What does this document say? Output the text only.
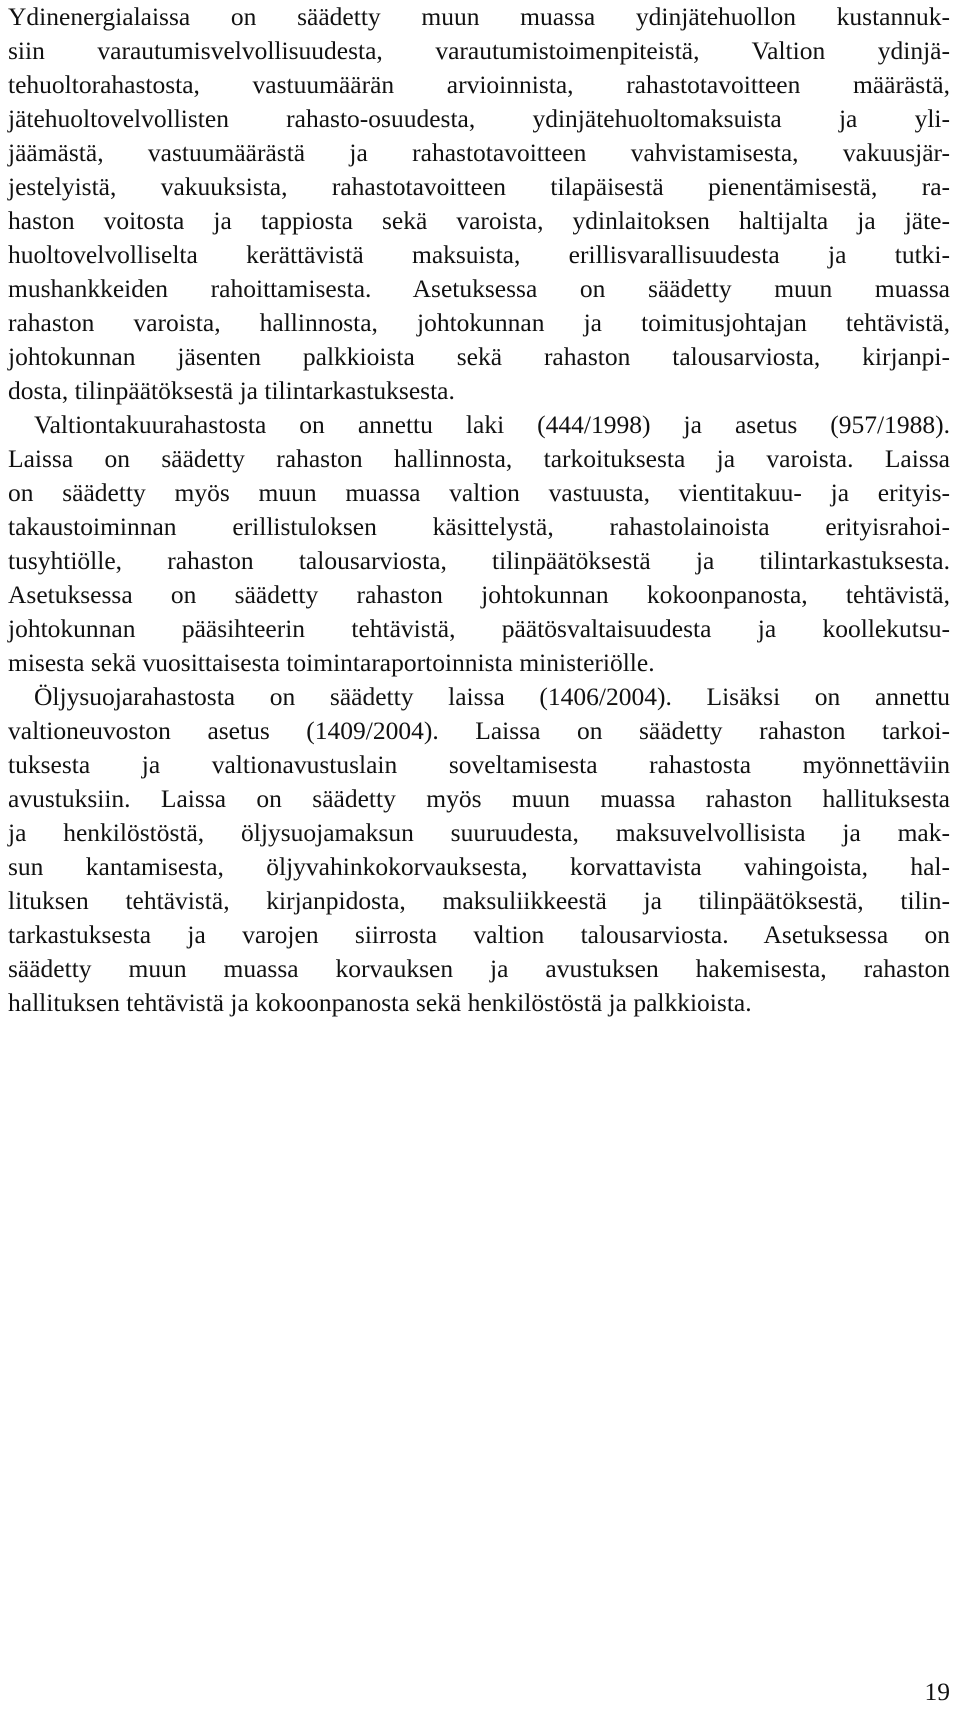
Ydinenergialaissa on säädetty muun muassa ydinjätehuollon kustannuk-
siin varautumisvelvollisuudesta, varautumistoimenpiteistä, Valtion ydinjä-
tehuoltorahastosta, vastuumäärän arvioinnista, rahastotavoitteen määrästä,
jätehuoltovelvollisten rahasto-osuudesta, ydinjätehuoltomaksuista ja yli-
jäämästä, vastuumäärästä ja rahastotavoitteen vahvistamisesta, vakuusjär-
jestelyistä, vakuuksista, rahastotavoitteen tilapäisestä pienentämisestä, ra-
haston voitosta ja tappiosta sekä varoista, ydinlaitoksen haltijalta ja jäte-
huoltovelvolliselta kerättävistä maksuista, erillisvarallisuudesta ja tutki-
mushankkeiden rahoittamisesta. Asetuksessa on säädetty muun muassa
rahaston varoista, hallinnosta, johtokunnan ja toimitusjohtajan tehtävistä,
johtokunnan jäsenten palkkioista sekä rahaston talousarviosta, kirjanpi-
dosta, tilinpäätöksestä ja tilintarkastuksesta.
Valtiontakuurahastosta on annettu laki (444/1998) ja asetus (957/1988).
Laissa on säädetty rahaston hallinnosta, tarkoituksesta ja varoista. Laissa
on säädetty myös muun muassa valtion vastuusta, vientitakuu- ja erityis-
takaustoiminnan erillistuloksen käsittelystä, rahastolainoista erityisrahoi-
tusyhtiölle, rahaston talousarviosta, tilinpäätöksestä ja tilintarkastuksesta.
Asetuksessa on säädetty rahaston johtokunnan kokoonpanosta, tehtävistä,
johtokunnan pääsihteerin tehtävistä, päätösvaltaisuudesta ja koollekutsu-
misesta sekä vuosittaisesta toimintaraportoinnista ministeriölle.
Öljysuojarahastosta on säädetty laissa (1406/2004). Lisäksi on annettu
valtioneuvoston asetus (1409/2004). Laissa on säädetty rahaston tarkoi-
tuksesta ja valtionavustuslain soveltamisesta rahastosta myönnettäviin
avustuksiin. Laissa on säädetty myös muun muassa rahaston hallituksesta
ja henkilöstöstä, öljysuojamaksun suuruudesta, maksuvelvollisista ja mak-
sun kantamisesta, öljyvahinkokorvauksesta, korvattavista vahingoista, hal-
lituksen tehtävistä, kirjanpidosta, maksuliikkeestä ja tilinpäätöksestä, tilin-
tarkastuksesta ja varojen siirrosta valtion talousarviosta. Asetuksessa on
säädetty muun muassa korvauksen ja avustuksen hakemisesta, rahaston
hallituksen tehtävistä ja kokoonpanosta sekä henkilöstöstä ja palkkioista.
19
